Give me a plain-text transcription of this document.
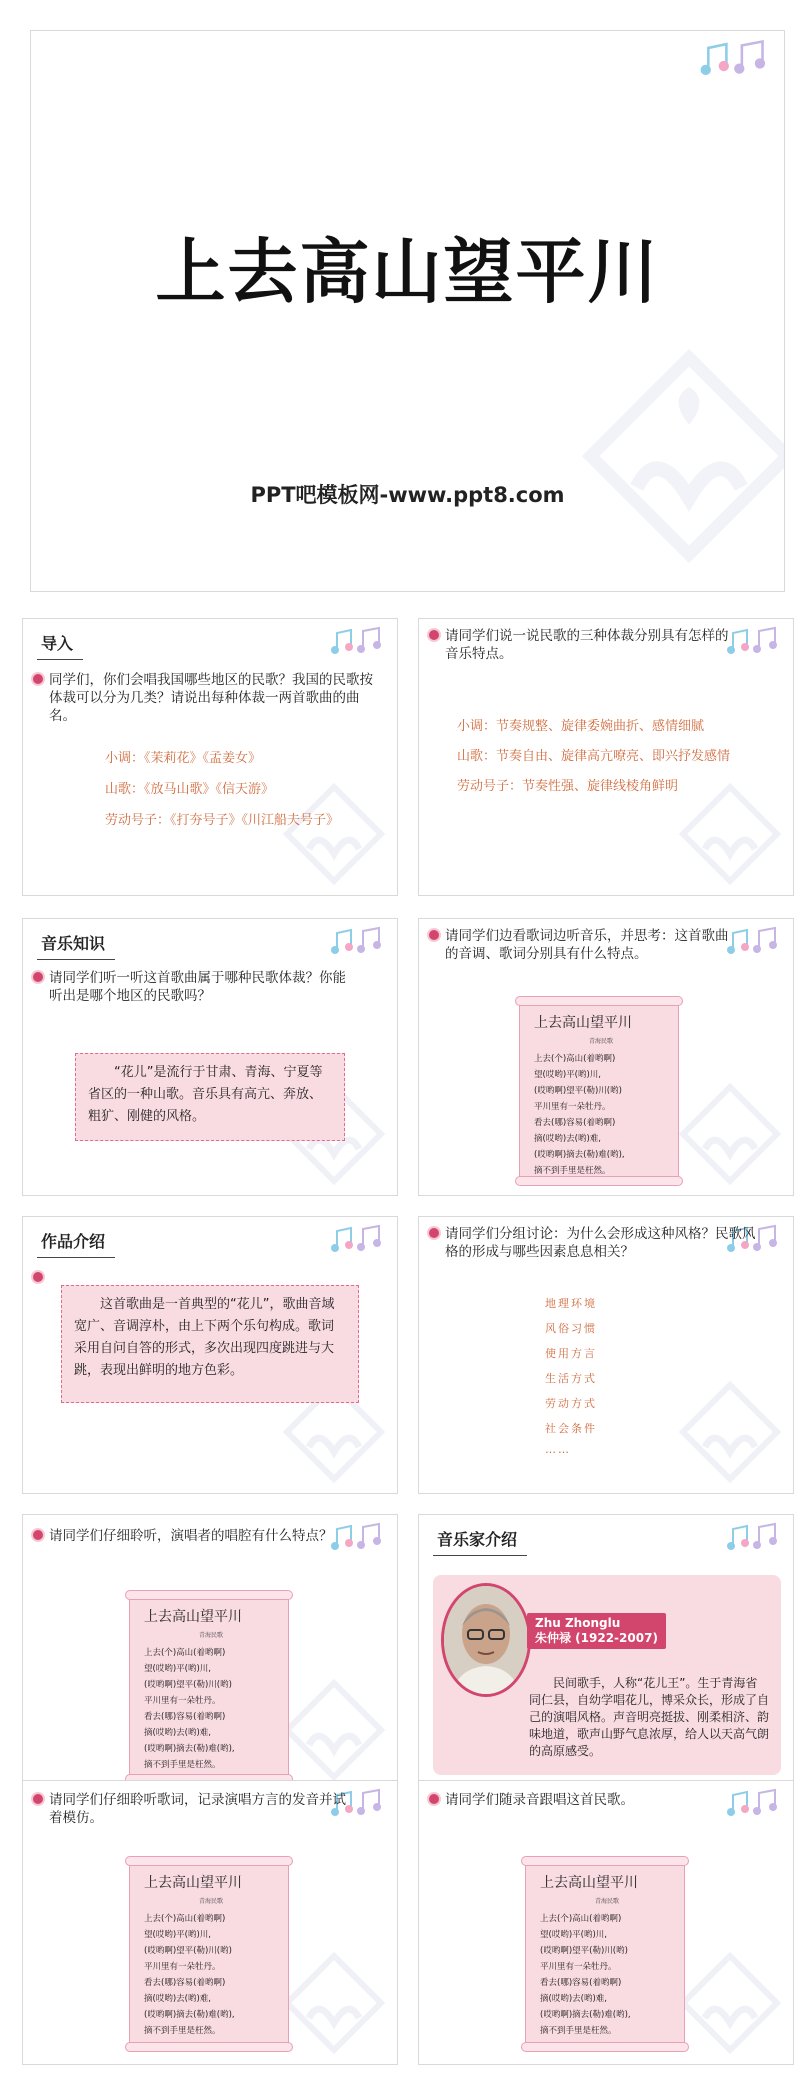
上去高山望平川
PPT吧模板网-www.ppt8.com
导入
同学们，你们会唱我国哪些地区的民歌？我国的民歌按体裁可以分为几类？请说出每种体裁一两首歌曲的曲名。
小调：《茉莉花》《孟姜女》
山歌：《放马山歌》《信天游》
劳动号子：《打夯号子》《川江船夫号子》
请同学们说一说民歌的三种体裁分别具有怎样的音乐特点。
小调：节奏规整、旋律委婉曲折、感情细腻
山歌：节奏自由、旋律高亢嘹亮、即兴抒发感情
劳动号子：节奏性强、旋律线棱角鲜明
音乐知识
请同学们听一听这首歌曲属于哪种民歌体裁？你能听出是哪个地区的民歌吗？
“花儿”是流行于甘肃、青海、宁夏等省区的一种山歌。音乐具有高亢、奔放、粗犷、刚健的风格。
请同学们边看歌词边听音乐，并思考：这首歌曲的音调、歌词分别具有什么特点。
上去高山望平川
青海民歌
上去(个)高山(着哟啊)
望(哎哟)平(哟)川,
(哎哟啊)望平(勒)川(哟)
平川里有一朵牡丹。
看去(哪)容易(着哟啊)
摘(哎哟)去(哟)难,
(哎哟啊)摘去(勒)难(哟),
摘不到手里是枉然。
作品介绍
这首歌曲是一首典型的“花儿”，歌曲音域宽广、音调淳朴，由上下两个乐句构成。歌词采用自问自答的形式，多次出现四度跳进与大跳，表现出鲜明的地方色彩。
请同学们分组讨论：为什么会形成这种风格？民歌风格的形成与哪些因素息息相关？
地理环境
风俗习惯
使用方言
生活方式
劳动方式
社会条件
……
请同学们仔细聆听，演唱者的唱腔有什么特点？
上去高山望平川
青海民歌
上去(个)高山(着哟啊)
望(哎哟)平(哟)川,
(哎哟啊)望平(勒)川(哟)
平川里有一朵牡丹。
看去(哪)容易(着哟啊)
摘(哎哟)去(哟)难,
(哎哟啊)摘去(勒)难(哟),
摘不到手里是枉然。
音乐家介绍
Zhu Zhonglu
朱仲禄 (1922-2007)
民间歌手，人称“花儿王”。生于青海省同仁县，自幼学唱花儿，博采众长，形成了自己的演唱风格。声音明亮挺拔、刚柔相济、韵味地道，歌声山野气息浓厚，给人以天高气朗的高原感受。
请同学们仔细聆听歌词，记录演唱方言的发音并试着模仿。
上去高山望平川
青海民歌
上去(个)高山(着哟啊)
望(哎哟)平(哟)川,
(哎哟啊)望平(勒)川(哟)
平川里有一朵牡丹。
看去(哪)容易(着哟啊)
摘(哎哟)去(哟)难,
(哎哟啊)摘去(勒)难(哟),
摘不到手里是枉然。
请同学们随录音跟唱这首民歌。
上去高山望平川
青海民歌
上去(个)高山(着哟啊)
望(哎哟)平(哟)川,
(哎哟啊)望平(勒)川(哟)
平川里有一朵牡丹。
看去(哪)容易(着哟啊)
摘(哎哟)去(哟)难,
(哎哟啊)摘去(勒)难(哟),
摘不到手里是枉然。
